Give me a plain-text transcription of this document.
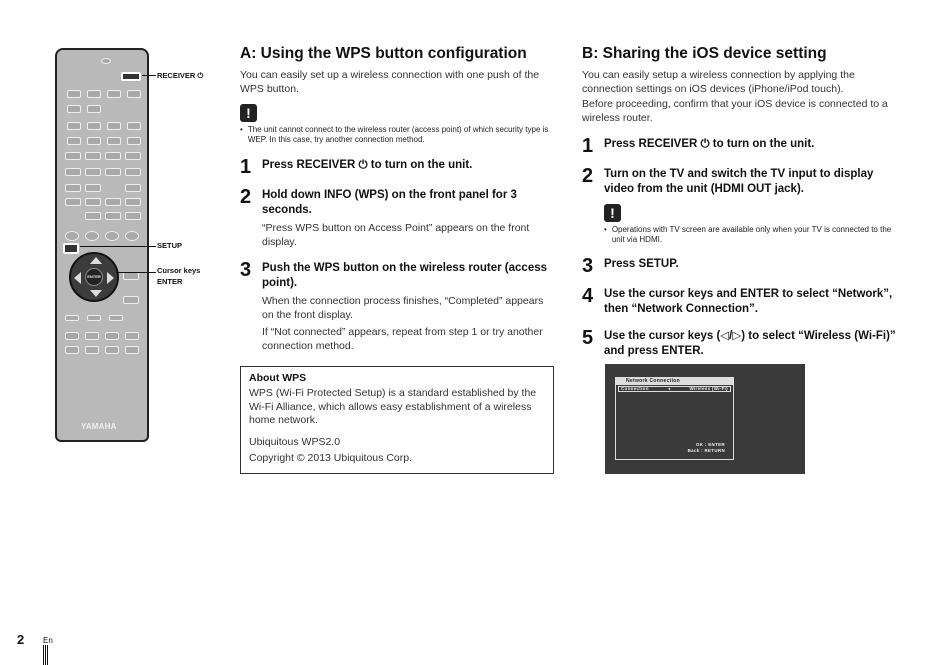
ENTER
YAMAHA
RECEIVER ⏻
SETUP
Cursor keys
ENTER
A: Using the WPS button configuration
You can easily set up a wireless connection with one push of the WPS button.
!
• The unit cannot connect to the wireless router (access point) of which security type is WEP. In this case, try another connection method.
1 Press RECEIVER ⏻ to turn on the unit.
2 Hold down INFO (WPS) on the front panel for 3 seconds.
“Press WPS button on Access Point” appears on the front display.
3 Push the WPS button on the wireless router (access point).
When the connection process finishes, “Completed” appears on the front display.
If “Not connected” appears, repeat from step 1 or try another connection method.
About WPS
WPS (Wi-Fi Protected Setup) is a standard established by the Wi-Fi Alliance, which allows easy establishment of a wireless home network.
Ubiquitous WPS2.0
Copyright © 2013 Ubiquitous Corp.
B: Sharing the iOS device setting
You can easily setup a wireless connection by applying the connection settings on iOS devices (iPhone/iPod touch).
Before proceeding, confirm that your iOS device is connected to a wireless router.
1 Press RECEIVER ⏻ to turn on the unit.
2 Turn on the TV and switch the TV input to display video from the unit (HDMI OUT jack).
!
• Operations with TV screen are available only when your TV is connected to the unit via HDMI.
3 Press SETUP.
4 Use the cursor keys and ENTER to select “Network”, then “Network Connection”.
5 Use the cursor keys (◁/▷) to select “Wireless (Wi-Fi)” and press ENTER.
Network Connection
Connection	◂	Wireless (Wi-Fi)
OK : ENTER
Back : RETURN
2 En
